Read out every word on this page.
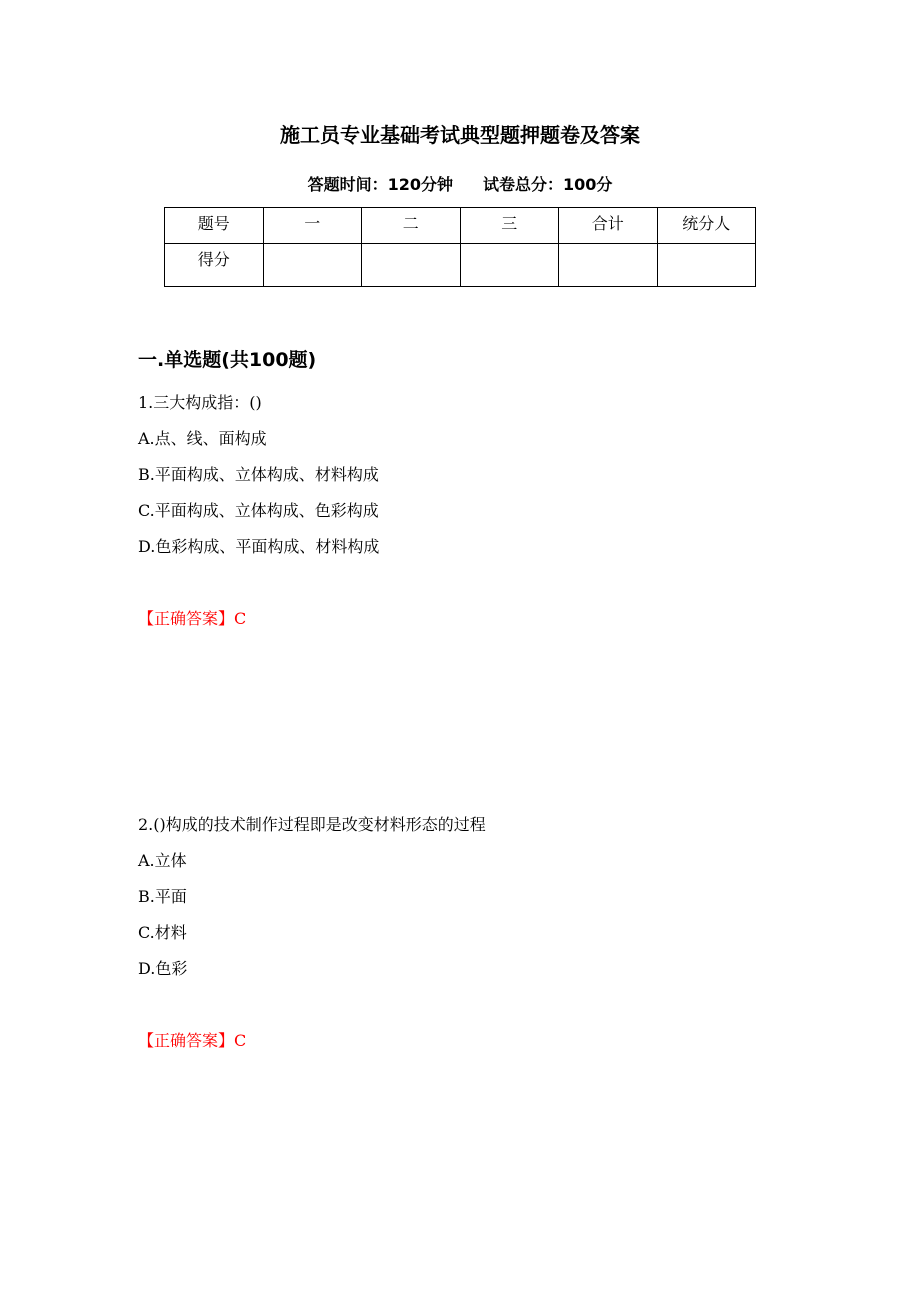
施工员专业基础考试典型题押题卷及答案
答题时间：120分钟 试卷总分：100分
题号	一	二	三	合计	统分人
得分					
一.单选题(共100题)
1.三大构成指：()
A.点、线、面构成
B.平面构成、立体构成、材料构成
C.平面构成、立体构成、色彩构成
D.色彩构成、平面构成、材料构成
【正确答案】C
2.()构成的技术制作过程即是改变材料形态的过程
A.立体
B.平面
C.材料
D.色彩
【正确答案】C
